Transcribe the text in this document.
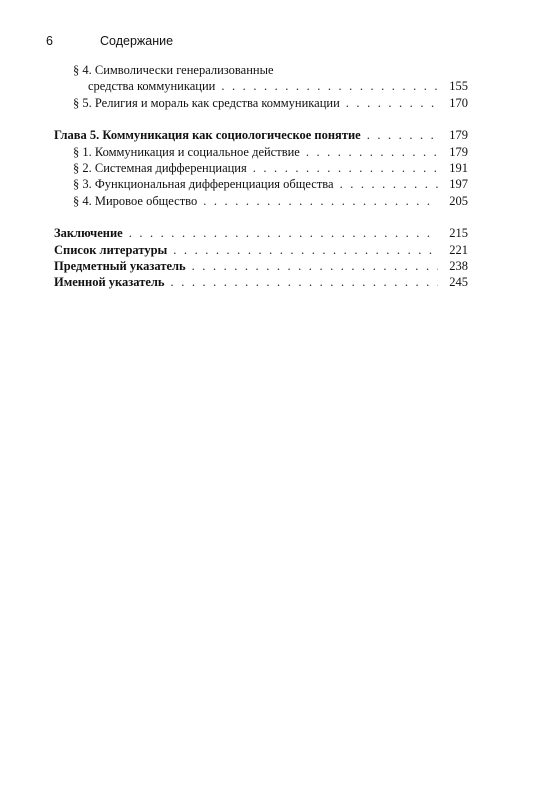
6	Содержание
§ 4. Символически генерализованные
средства коммуникации . . .	155
§ 5. Религия и мораль как средства коммуникации . . .	170
Глава 5. Коммуникация как социологическое понятие . . .	179
§ 1. Коммуникация и социальное действие . . .	179
§ 2. Системная дифференциация . . .	191
§ 3. Функциональная дифференциация общества . . .	197
§ 4. Мировое общество . . .	205
Заключение . . .	215
Список литературы . . .	221
Предметный указатель . . .	238
Именной указатель . . .	245
